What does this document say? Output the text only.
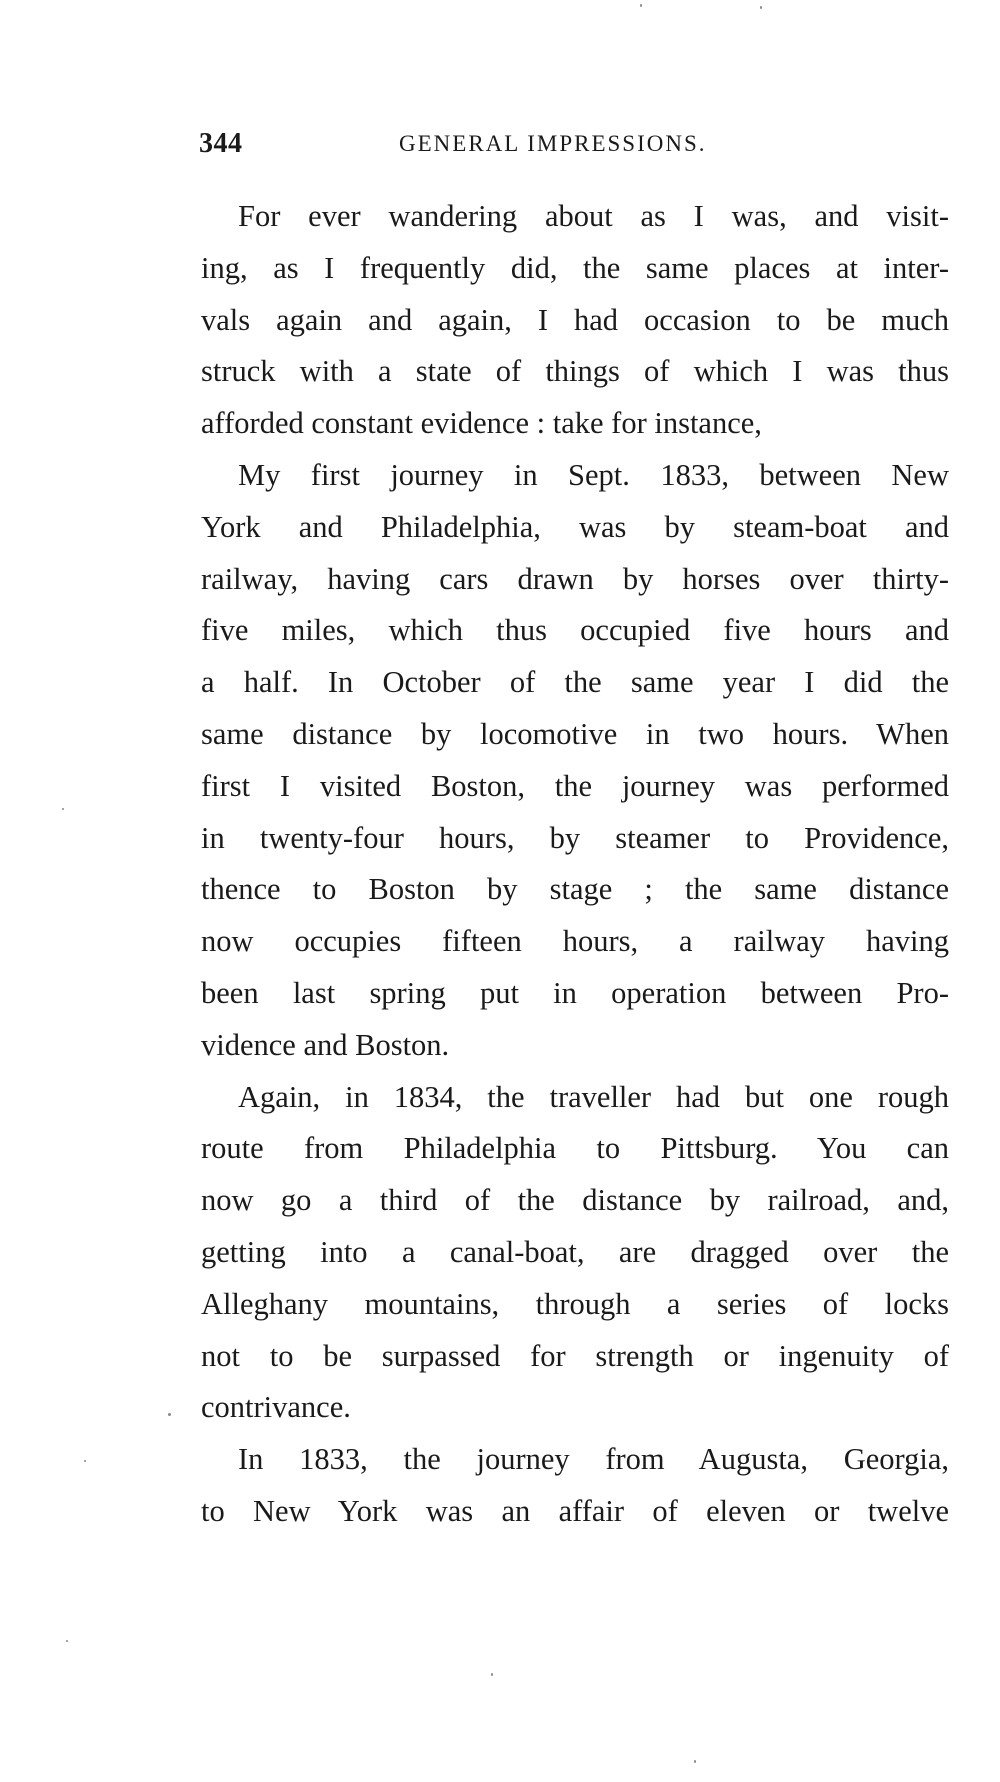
344	GENERAL IMPRESSIONS.

For ever wandering about as I was, and visit-
ing, as I frequently did, the same places at inter-
vals again and again, I had occasion to be much
struck with a state of things of which I was thus
afforded constant evidence : take for instance,

My first journey in Sept. 1833, between New
York and Philadelphia, was by steam-boat and
railway, having cars drawn by horses over thirty-
five miles, which thus occupied five hours and
a half. In October of the same year I did the
same distance by locomotive in two hours. When
first I visited Boston, the journey was performed
in twenty-four hours, by steamer to Providence,
thence to Boston by stage ; the same distance
now occupies fifteen hours, a railway having
been last spring put in operation between Pro-
vidence and Boston.

Again, in 1834, the traveller had but one rough
route from Philadelphia to Pittsburg. You can
now go a third of the distance by railroad, and,
getting into a canal-boat, are dragged over the
Alleghany mountains, through a series of locks
not to be surpassed for strength or ingenuity of
contrivance.

In 1833, the journey from Augusta, Georgia,
to New York was an affair of eleven or twelve
